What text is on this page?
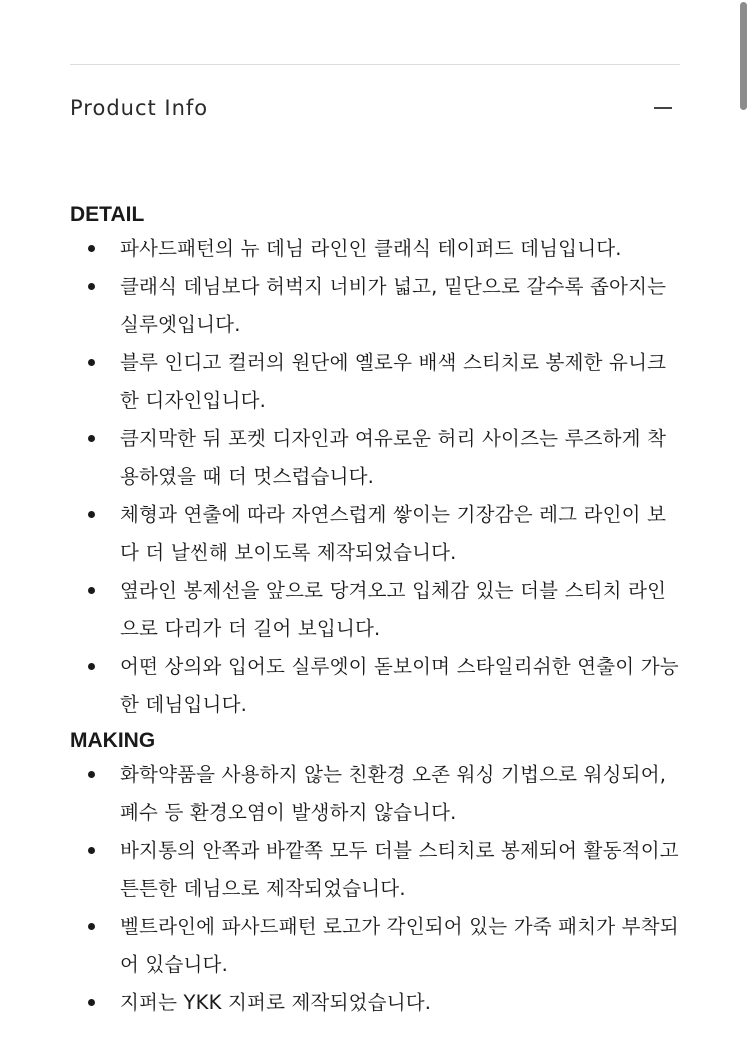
Product Info
DETAIL
파사드패턴의 뉴 데님 라인인 클래식 테이퍼드 데님입니다.
클래식 데님보다 허벅지 너비가 넓고, 밑단으로 갈수록 좁아지는 실루엣입니다.
블루 인디고 컬러의 원단에 옐로우 배색 스티치로 봉제한 유니크한 디자인입니다.
큼지막한 뒤 포켓 디자인과 여유로운 허리 사이즈는 루즈하게 착용하였을 때 더 멋스럽습니다.
체형과 연출에 따라 자연스럽게 쌓이는 기장감은 레그 라인이 보다 더 날씬해 보이도록 제작되었습니다.
옆라인 봉제선을 앞으로 당겨오고 입체감 있는 더블 스티치 라인으로 다리가 더 길어 보입니다.
어떤 상의와 입어도 실루엣이 돋보이며 스타일리쉬한 연출이 가능한 데님입니다.
MAKING
화학약품을 사용하지 않는 친환경 오존 워싱 기법으로 워싱되어, 폐수 등 환경오염이 발생하지 않습니다.
바지통의 안쪽과 바깥쪽 모두 더블 스티치로 봉제되어 활동적이고 튼튼한 데님으로 제작되었습니다.
벨트라인에 파사드패턴 로고가 각인되어 있는 가죽 패치가 부착되어 있습니다.
지퍼는 YKK 지퍼로 제작되었습니다.
